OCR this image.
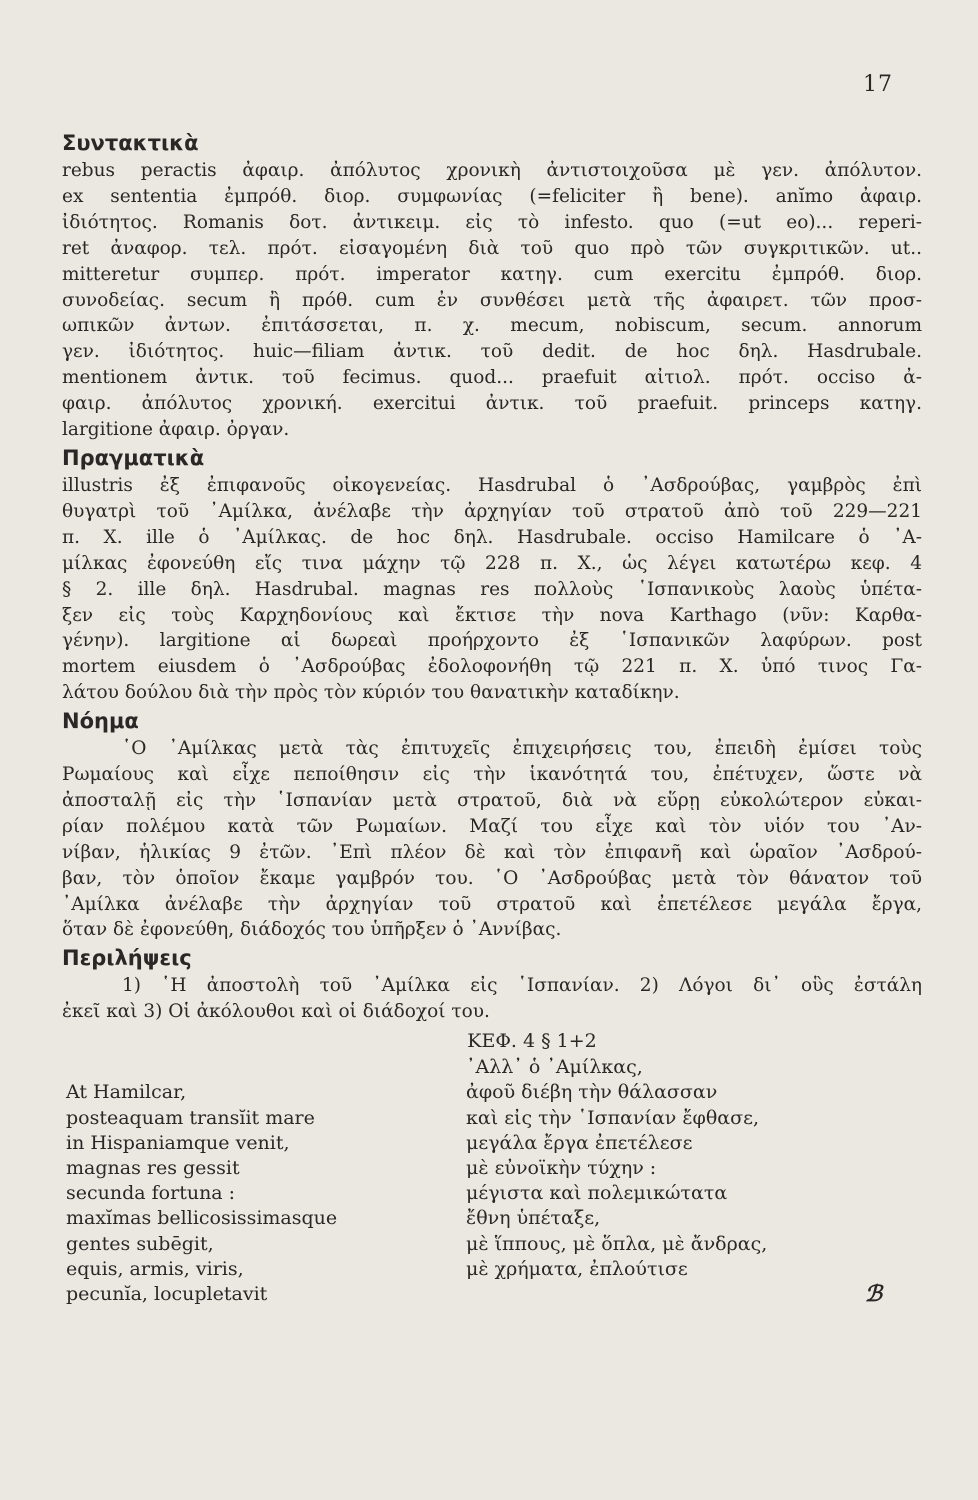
17
Συντακτικὰ
rebus peractis ἀφαιρ. ἀπόλυτος χρονικὴ ἀντιστοιχοῦσα μὲ γεν. ἀπόλυτον.
ex sententia ἐμπρόθ. διορ. συμφωνίας (=feliciter ἢ bene). anĭmo ἀφαιρ.
ἰδιότητος. Romanis δοτ. ἀντικειμ. εἰς τὸ infesto. quo (=ut eo)... reperi-
ret ἀναφορ. τελ. πρότ. εἰσαγομένη διὰ τοῦ quo πρὸ τῶν συγκριτικῶν. ut..
mitteretur συμπερ. πρότ. imperator κατηγ. cum exercitu ἐμπρόθ. διορ.
συνοδείας. secum ἢ πρόθ. cum ἐν συνθέσει μετὰ τῆς ἀφαιρετ. τῶν προσ-
ωπικῶν ἀντων. ἐπιτάσσεται, π. χ. mecum, nobiscum, secum. annorum
γεν. ἰδιότητος. huic—filiam ἀντικ. τοῦ dedit. de hoc δηλ. Hasdrubale.
mentionem ἀντικ. τοῦ fecimus. quod... praefuit αἰτιολ. πρότ. occiso ἀ-
φαιρ. ἀπόλυτος χρονική. exercitui ἀντικ. τοῦ praefuit. princeps κατηγ.
largitione ἀφαιρ. ὀργαν.
Πραγματικὰ
illustris ἐξ ἐπιφανοῦς οἰκογενείας. Hasdrubal ὁ ᾿Ασδρούβας, γαμβρὸς ἐπὶ
θυγατρὶ τοῦ ᾿Αμίλκα, ἀνέλαβε τὴν ἀρχηγίαν τοῦ στρατοῦ ἀπὸ τοῦ 229—221
π. Χ. ille ὁ ᾿Αμίλκας. de hoc δηλ. Hasdrubale. occiso Hamilcare ὁ ᾿Α-
μίλκας ἐφονεύθη εἴς τινα μάχην τῷ 228 π. Χ., ὡς λέγει κατωτέρω κεφ. 4
§ 2. ille δηλ. Hasdrubal. magnas res πολλοὺς ῾Ισπανικοὺς λαοὺς ὑπέτα-
ξεν εἰς τοὺς Καρχηδονίους καὶ ἔκτισε τὴν nova Karthago (νῦν: Καρθα-
γένην). largitione αἱ δωρεαὶ προήρχοντο ἐξ ῾Ισπανικῶν λαφύρων. post
mortem eiusdem ὁ ᾿Ασδρούβας ἐδολοφονήθη τῷ 221 π. Χ. ὑπό τινος Γα-
λάτου δούλου διὰ τὴν πρὸς τὸν κύριόν του θανατικὴν καταδίκην.
Νόημα
῾Ο ᾿Αμίλκας μετὰ τὰς ἐπιτυχεῖς ἐπιχειρήσεις του, ἐπειδὴ ἐμίσει τοὺς
Ρωμαίους καὶ εἶχε πεποίθησιν εἰς τὴν ἱκανότητά του, ἐπέτυχεν, ὥστε νὰ
ἀποσταλῇ εἰς τὴν ῾Ισπανίαν μετὰ στρατοῦ, διὰ νὰ εὕρῃ εὐκολώτερον εὐκαι-
ρίαν πολέμου κατὰ τῶν Ρωμαίων. Μαζί του εἶχε καὶ τὸν υἱόν του ᾿Αν-
νίβαν, ἡλικίας 9 ἐτῶν. ᾿Επὶ πλέον δὲ καὶ τὸν ἐπιφανῆ καὶ ὡραῖον ᾿Ασδρού-
βαν, τὸν ὁποῖον ἔκαμε γαμβρόν του. ῾Ο ᾿Ασδρούβας μετὰ τὸν θάνατον τοῦ
᾿Αμίλκα ἀνέλαβε τὴν ἀρχηγίαν τοῦ στρατοῦ καὶ ἐπετέλεσε μεγάλα ἔργα,
ὅταν δὲ ἐφονεύθη, διάδοχός του ὑπῆρξεν ὁ ᾿Αννίβας.
Περιλήψεις
1) ῾Η ἀποστολὴ τοῦ ᾿Αμίλκα εἰς ῾Ισπανίαν. 2) Λόγοι δι᾿ οὓς ἐστάλη
ἐκεῖ καὶ 3) Οἱ ἀκόλουθοι καὶ οἱ διάδοχοί του.
ΚΕΦ. 4 § 1+2
᾿Αλλ᾿ ὁ ᾿Αμίλκας,
At Hamilcar,	ἀφοῦ διέβη τὴν θάλασσαν
posteaquam transĭit mare	καὶ εἰς τὴν ῾Ισπανίαν ἔφθασε,
in Hispaniamque venit,	μεγάλα ἔργα ἐπετέλεσε
magnas res gessit	μὲ εὐνοϊκὴν τύχην :
secunda fortuna :	μέγιστα καὶ πολεμικώτατα
maxĭmas bellicosissimasque	ἔθνη ὑπέταξε,
gentes subēgit,	μὲ ἵππους, μὲ ὅπλα, μὲ ἄνδρας,
equis, armis, viris,	μὲ χρήματα, ἐπλούτισε
pecunĭa, locupletavit	ℬ
